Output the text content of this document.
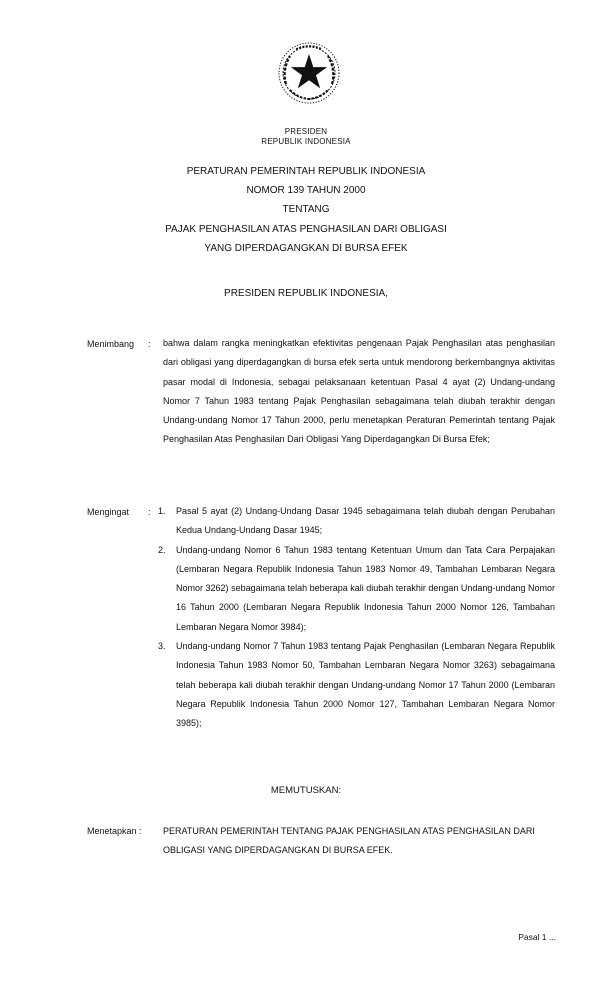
PRESIDEN
REPUBLIK INDONESIA
PERATURAN PEMERINTAH REPUBLIK INDONESIA
NOMOR 139 TAHUN 2000
TENTANG
PAJAK PENGHASILAN ATAS PENGHASILAN DARI OBLIGASI
YANG DIPERDAGANGKAN DI BURSA EFEK
PRESIDEN REPUBLIK INDONESIA,
Menimbang : bahwa dalam rangka meningkatkan efektivitas pengenaan Pajak Penghasilan atas penghasilan dari obligasi yang diperdagangkan di bursa efek serta untuk mendorong berkembangnya aktivitas pasar modal di Indonesia, sebagai pelaksanaan ketentuan Pasal 4 ayat (2) Undang-undang Nomor 7 Tahun 1983 tentang Pajak Penghasilan sebagaimana telah diubah terakhir dengan Undang-undang Nomor 17 Tahun 2000, perlu menetapkan Peraturan Pemerintah tentang Pajak Penghasilan Atas Penghasilan Dari Obligasi Yang Diperdagangkan Di Bursa Efek;

Mengingat : 1. Pasal 5 ayat (2) Undang-Undang Dasar 1945 sebagaimana telah diubah dengan Perubahan Kedua Undang-Undang Dasar 1945;
2. Undang-undang Nomor 6 Tahun 1983 tentang Ketentuan Umum dan Tata Cara Perpajakan (Lembaran Negara Republik Indonesia Tahun 1983 Nomor 49, Tambahan Lembaran Negara Nomor 3262) sebagaimana telah beberapa kali diubah terakhir dengan Undang-undang Nomor 16 Tahun 2000 (Lembaran Negara Republik Indonesia Tahun 2000 Nomor 126, Tambahan Lembaran Negara Nomor 3984);
3. Undang-undang Nomor 7 Tahun 1983 tentang Pajak Penghasilan (Lembaran Negara Republik Indonesia Tahun 1983 Nomor 50, Tambahan Lembaran Negara Nomor 3263) sebagaimana telah beberapa kali diubah terakhir dengan Undang-undang Nomor 17 Tahun 2000 (Lembaran Negara Republik Indonesia Tahun 2000 Nomor 127, Tambahan Lembaran Negara Nomor 3985);
MEMUTUSKAN:
Menetapkan : PERATURAN PEMERINTAH TENTANG PAJAK PENGHASILAN ATAS PENGHASILAN DARI OBLIGASI YANG DIPERDAGANGKAN DI BURSA EFEK.

Pasal 1 ...
